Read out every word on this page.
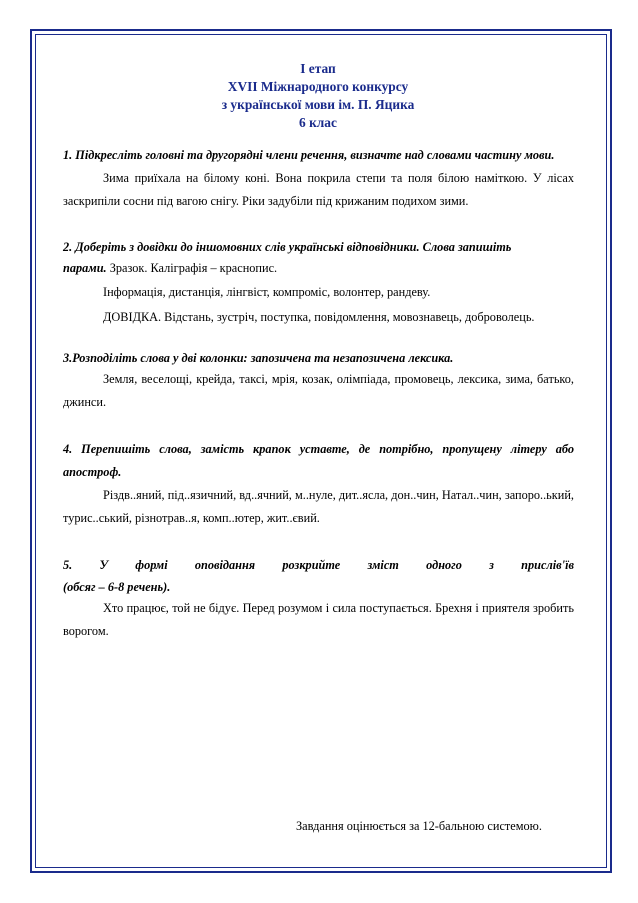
І етап
XVІІ Міжнародного конкурсу
з української мови ім. П. Яцика
6 клас
1. Підкресліть головні та другорядні члени речення, визначте над словами частину мови.
Зима приїхала на білому коні. Вона покрила степи та поля білою наміткою. У лісах заскрипіли сосни під вагою снігу. Ріки задубіли під крижаним подихом зими.
2. Доберіть з довідки до іншомовних слів українські відповідники. Слова запишіть
парами. Зразок. Каліграфія – краснопис.
Інформація, дистанція, лінгвіст, компроміс, волонтер, рандеву.
ДОВІДКА. Відстань, зустріч, поступка, повідомлення, мовознавець, доброволець.
3.Розподіліть слова у дві колонки: запозичена та незапозичена лексика.
Земля, веселощі, крейда, таксі, мрія, козак, олімпіада, промовець, лексика, зима, батько, джинси.
4. Перепишіть слова, замість крапок уставте, де потрібно, пропущену літеру або апостроф.
Різдв..яний, під..язичний, вд..ячний, м..нуле, дит..ясла, дон..чин, Натал..чин, запоро..ький, турис..ський, різнотрав..я, комп..ютер, жит..євий.
5. У формі оповідання розкрийте зміст одного з прислів'їв
(обсяг – 6-8 речень).
Хто працює, той не бідує. Перед розумом і сила поступається. Брехня і приятеля зробить ворогом.
Завдання оцінюється за 12-бальною системою.
